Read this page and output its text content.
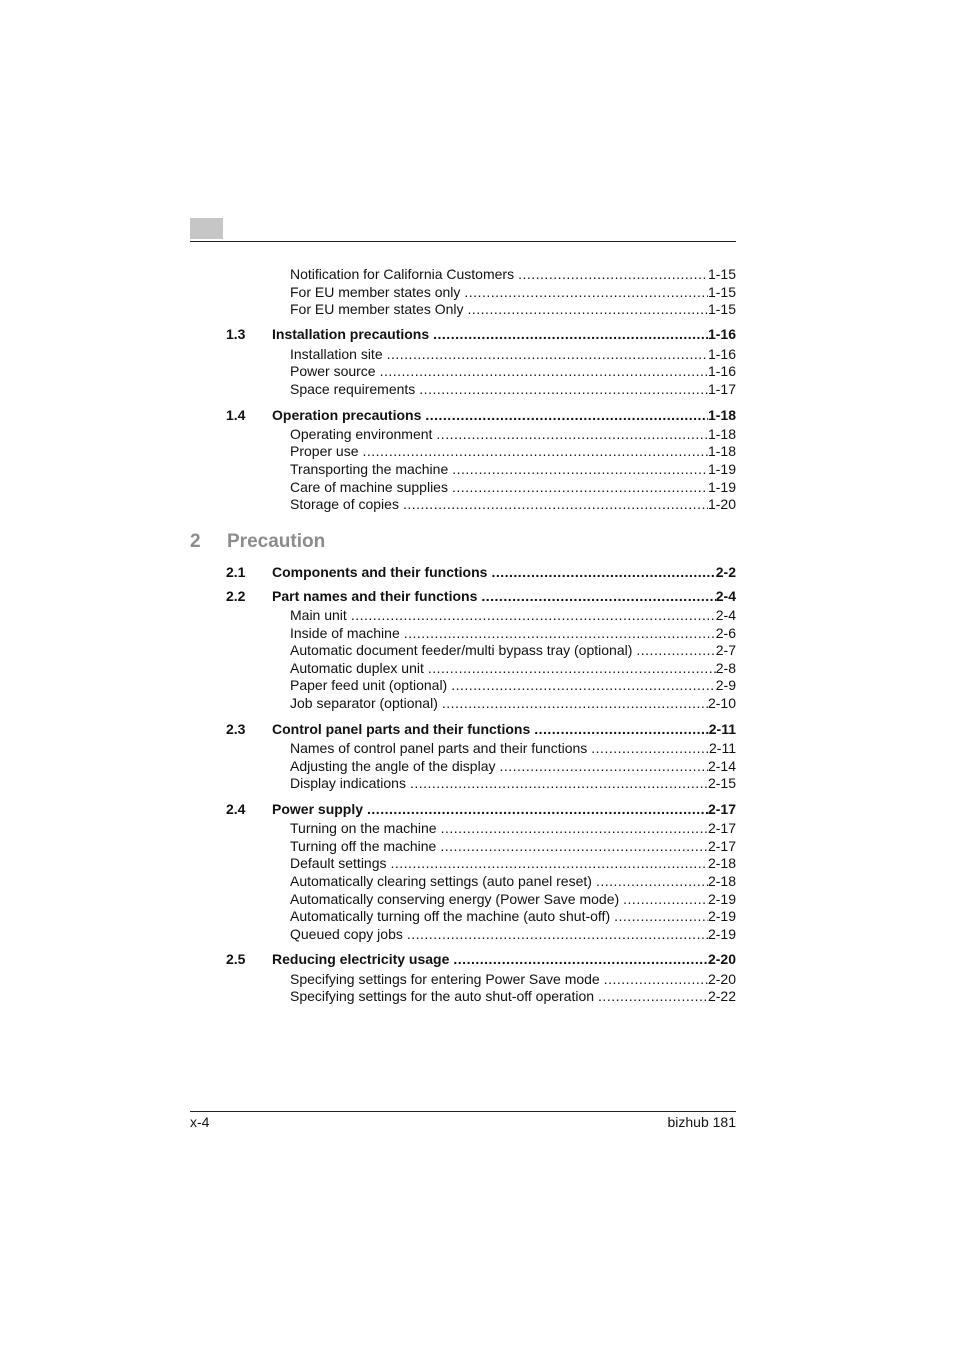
2 Precaution
Notification for California Customers .....	1-15
For EU member states only .....	1-15
For EU member states Only .....	1-15
1.3	Installation precautions .....	1-16
Installation site .....	1-16
Power source .....	1-16
Space requirements .....	1-17
1.4	Operation precautions .....	1-18
Operating environment .....	1-18
Proper use .....	1-18
Transporting the machine .....	1-19
Care of machine supplies .....	1-19
Storage of copies .....	1-20
2.1	Components and their functions .....	2-2
2.2	Part names and their functions .....	2-4
Main unit .....	2-4
Inside of machine .....	2-6
Automatic document feeder/multi bypass tray (optional) .....	2-7
Automatic duplex unit .....	2-8
Paper feed unit (optional) .....	2-9
Job separator (optional) .....	2-10
2.3	Control panel parts and their functions .....	2-11
Names of control panel parts and their functions .....	2-11
Adjusting the angle of the display .....	2-14
Display indications .....	2-15
2.4	Power supply .....	2-17
Turning on the machine .....	2-17
Turning off the machine .....	2-17
Default settings .....	2-18
Automatically clearing settings (auto panel reset) .....	2-18
Automatically conserving energy (Power Save mode) .....	2-19
Automatically turning off the machine (auto shut-off) .....	2-19
Queued copy jobs .....	2-19
2.5	Reducing electricity usage .....	2-20
Specifying settings for entering Power Save mode .....	2-20
Specifying settings for the auto shut-off operation .....	2-22
x-4	bizhub 181
